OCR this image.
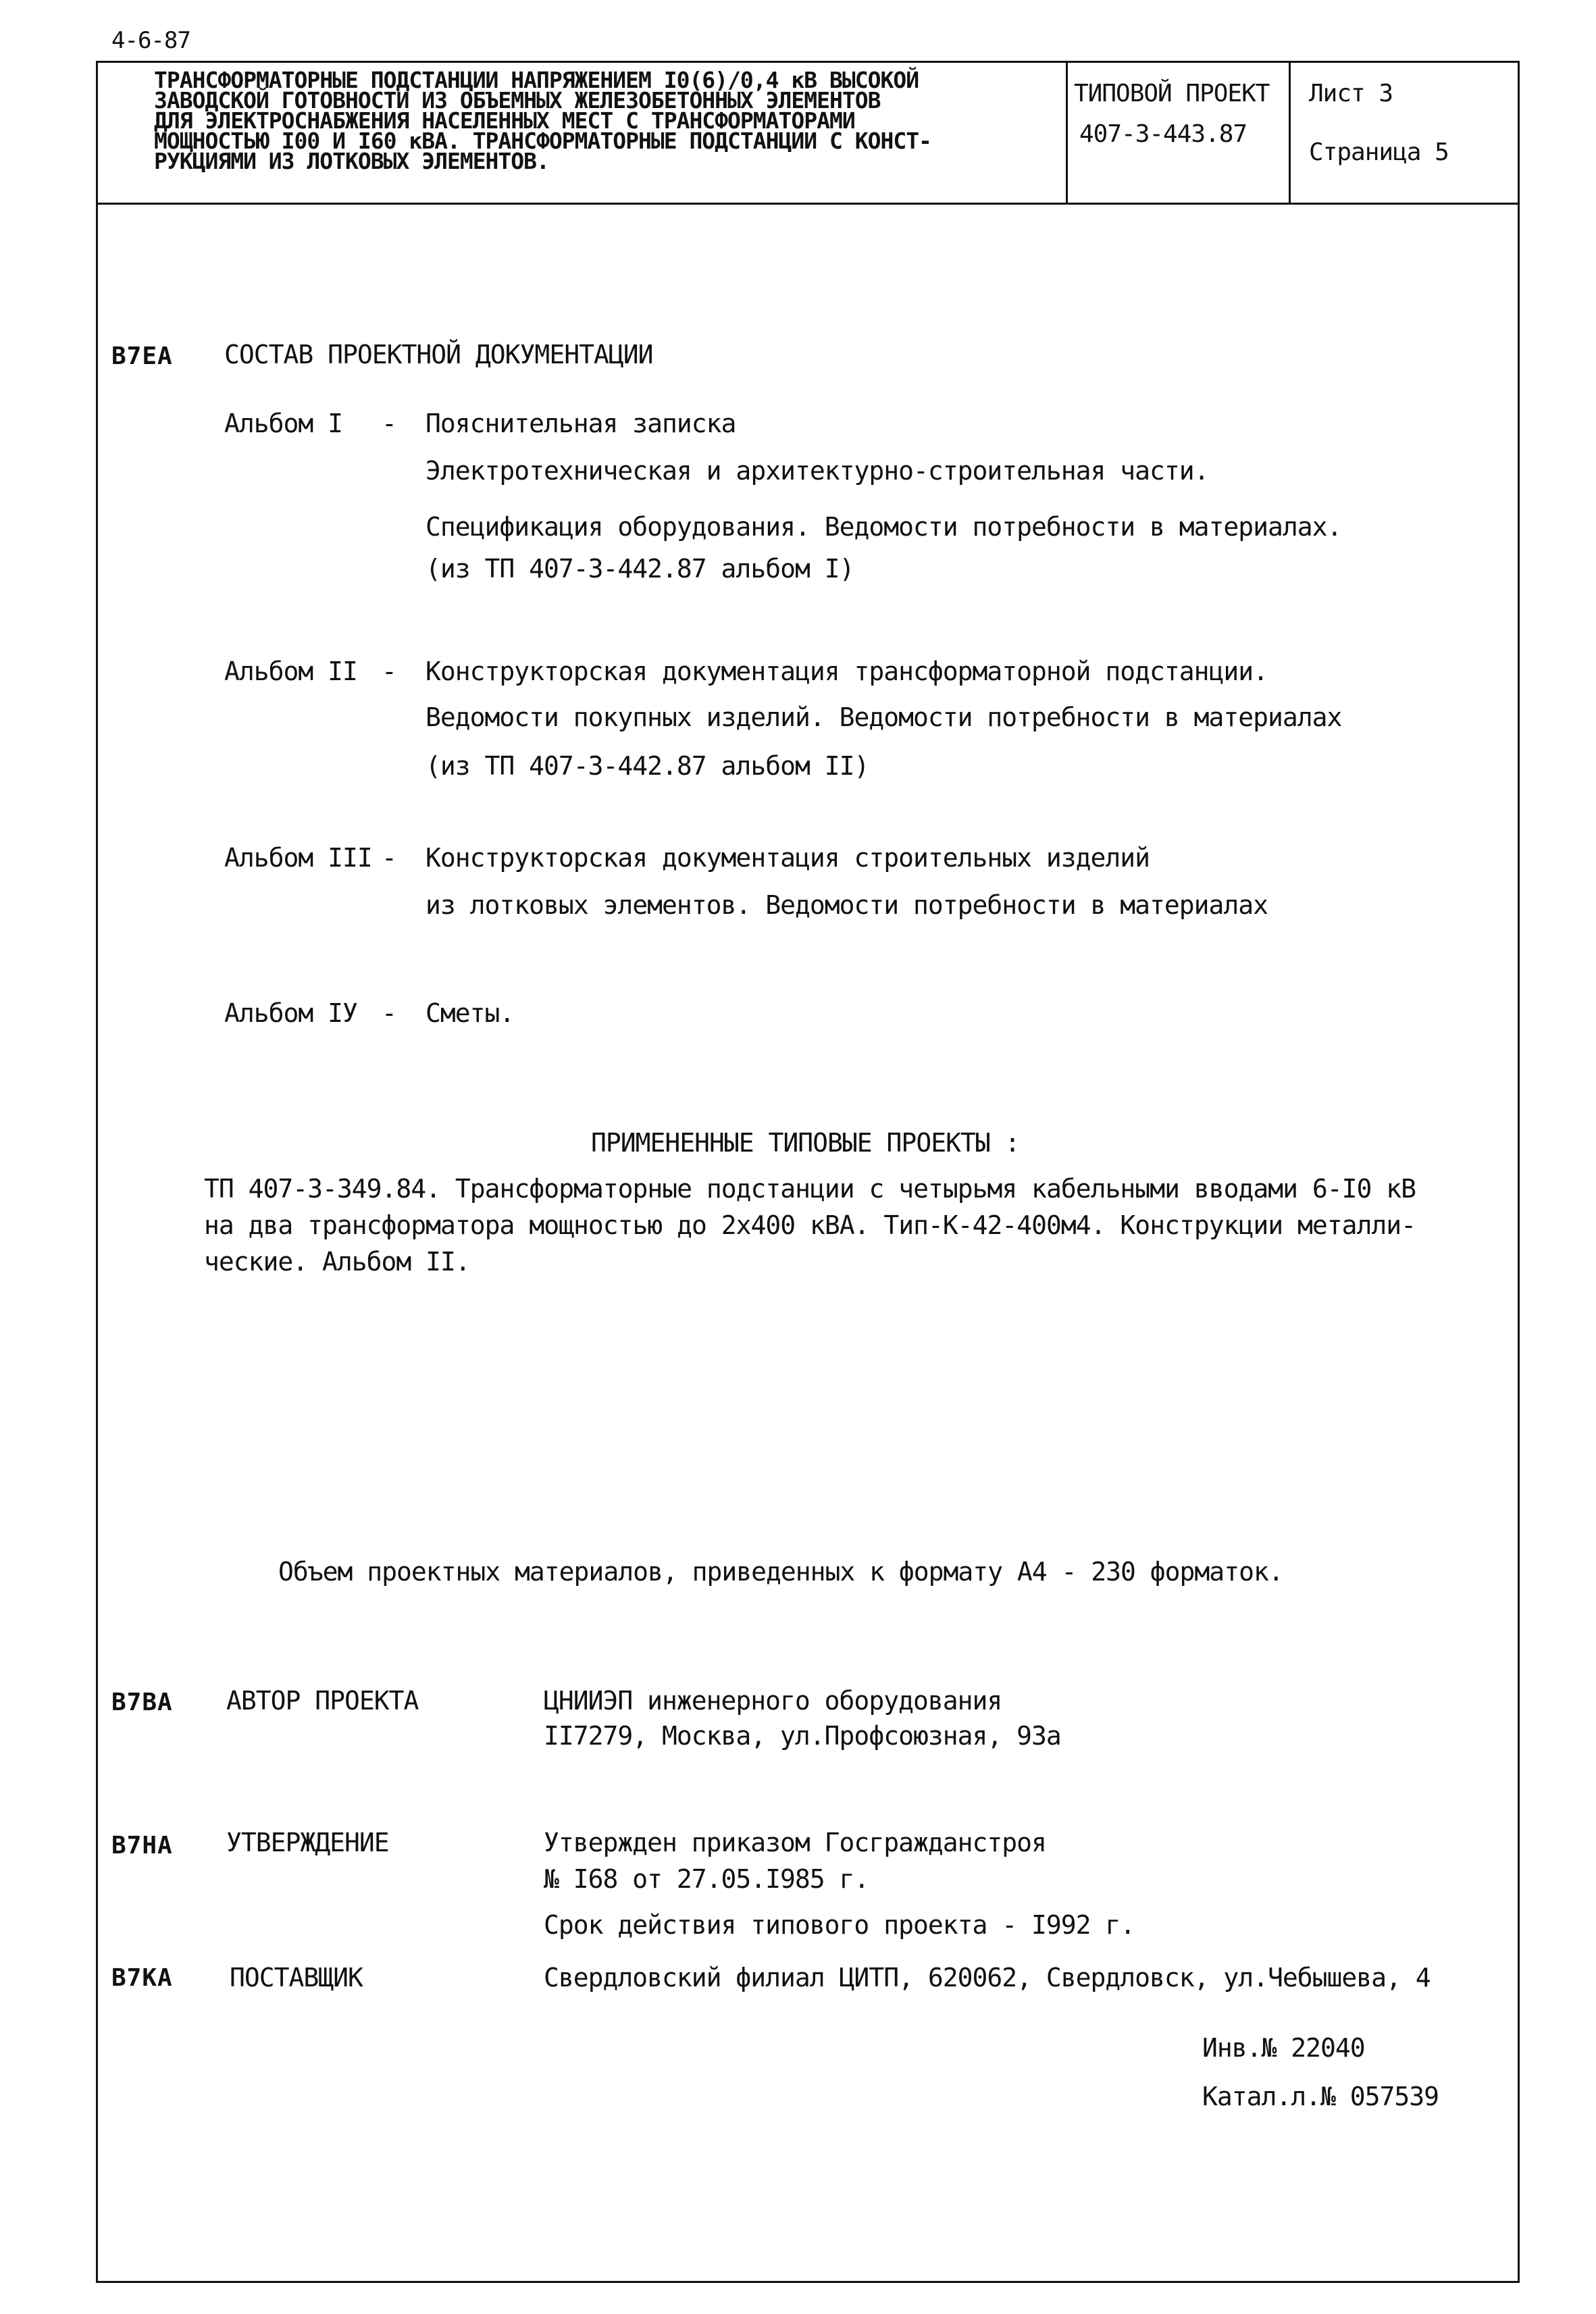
4-6-87
ТРАНСФОРМАТОРНЫЕ ПОДСТАНЦИИ НАПРЯЖЕНИЕМ I0(6)/0,4 кВ ВЫСОКОЙ
ЗАВОДСКОЙ ГОТОВНОСТИ ИЗ ОБЪЕМНЫХ ЖЕЛЕЗОБЕТОННЫХ ЭЛЕМЕНТОВ
ДЛЯ ЭЛЕКТРОСНАБЖЕНИЯ НАСЕЛЕННЫХ МЕСТ С ТРАНСФОРМАТОРАМИ
МОЩНОСТЬЮ I00 И I60 кВА. ТРАНСФОРМАТОРНЫЕ ПОДСТАНЦИИ С КОНСТ-
РУКЦИЯМИ ИЗ ЛОТКОВЫХ ЭЛЕМЕНТОВ.
ТИПОВОЙ ПРОЕКТ
407-3-443.87
Лист 3
Страница 5
B7EA СОСТАВ ПРОЕКТНОЙ ДОКУМЕНТАЦИИ
Альбом I - Пояснительная записка
Электротехническая и архитектурно-строительная части.
Спецификация оборудования. Ведомости потребности в материалах.
(из ТП 407-3-442.87 альбом I)
Альбом II - Конструкторская документация трансформаторной подстанции.
Ведомости покупных изделий. Ведомости потребности в материалах
(из ТП 407-3-442.87 альбом II)
Альбом III - Конструкторская документация строительных изделий
из лотковых элементов. Ведомости потребности в материалах
Альбом IУ - Сметы.
ПРИМЕНЕННЫЕ ТИПОВЫЕ ПРОЕКТЫ :
ТП 407-3-349.84. Трансформаторные подстанции с четырьмя кабельными вводами 6-I0 кВ
на два трансформатора мощностью до 2х400 кВА. Тип-К-42-400м4. Конструкции металли-
ческие. Альбом II.
Объем проектных материалов, приведенных к формату А4 - 230 форматок.
B7BA АВТОР ПРОЕКТА	ЦНИИЭП инженерного оборудования
II7279, Москва, ул.Профсоюзная, 93а
B7HA УТВЕРЖДЕНИЕ	Утвержден приказом Госгражданстроя
№ I68 от 27.05.I985 г.
Срок действия типового проекта - I992 г.
B7KA ПОСТАВЩИК	Свердловский филиал ЦИТП, 620062, Свердловск, ул.Чебышева, 4
Инв.№ 22040
Катал.л.№ 057539
